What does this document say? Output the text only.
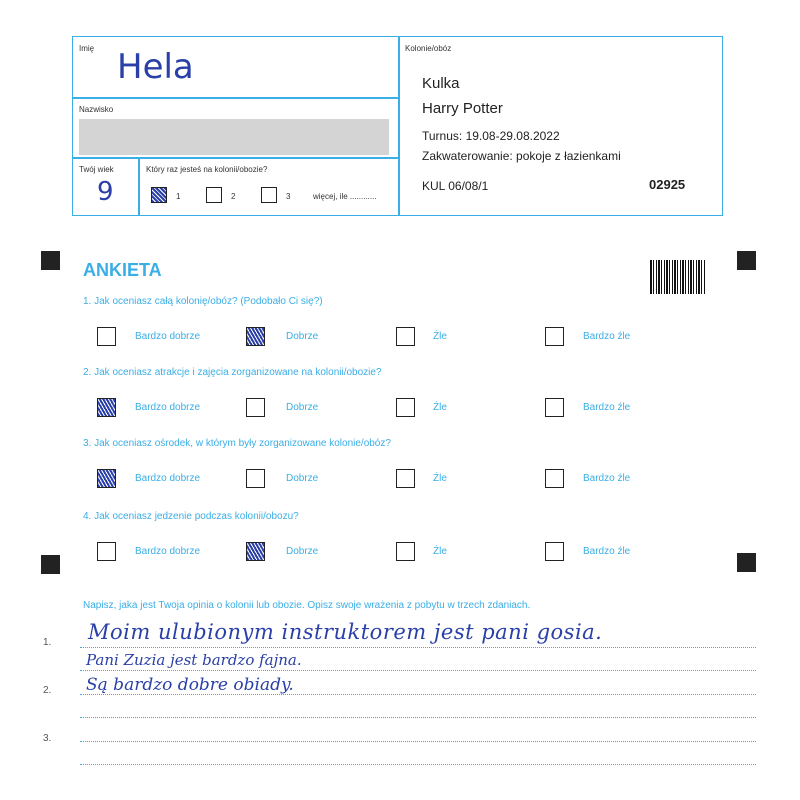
Imię Hela
Nazwisko
Twój wiek
9
Który raz jesteś na kolonii/obozie?
1	2	3	więcej, ile ............
Kolonie/obóz
Kulka
Harry Potter
Turnus: 19.08-29.08.2022
Zakwaterowanie: pokoje z łazienkami
KUL 06/08/1	02925
ANKIETA
1. Jak oceniasz całą kolonię/obóz? (Podobało Ci się?)
Bardzo dobrze	Dobrze	Źle	Bardzo źle
2. Jak oceniasz atrakcje i zajęcia zorganizowane na kolonii/obozie?
Bardzo dobrze	Dobrze	Źle	Bardzo źle
3. Jak oceniasz ośrodek, w którym były zorganizowane kolonie/obóz?
Bardzo dobrze	Dobrze	Źle	Bardzo źle
4. Jak oceniasz jedzenie podczas kolonii/obozu?
Bardzo dobrze	Dobrze	Źle	Bardzo źle
Napisz, jaka jest Twoja opinia o kolonii lub obozie. Opisz swoje wrażenia z pobytu w trzech zdaniach.
1.
2.
3.
Moim ulubionym instruktorem jest pani gosia.
Pani Zuzia jest bardzo fajna.
Są bardzo dobre obiady.
